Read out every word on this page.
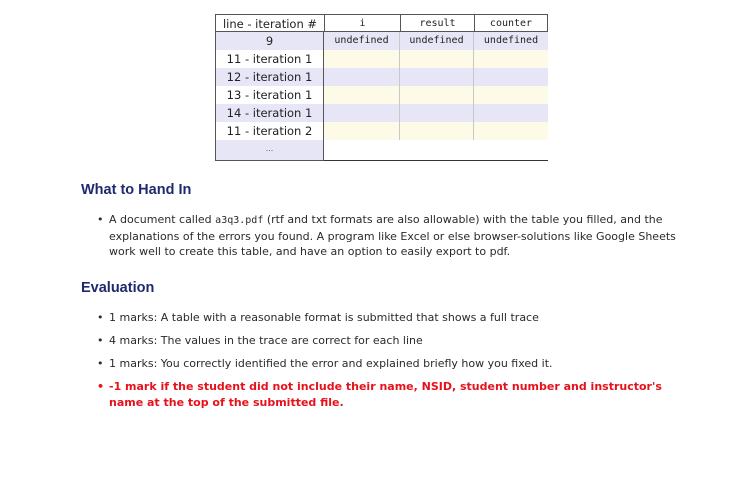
line - iteration #	i	result	counter
9	undefined	undefined	undefined
11 - iteration 1
12 - iteration 1
13 - iteration 1
14 - iteration 1
11 - iteration 2
...
What to Hand In
• A document called a3q3.pdf (rtf and txt formats are also allowable) with the table you filled, and the explanations of the errors you found. A program like Excel or else browser-solutions like Google Sheets work well to create this table, and have an option to easily export to pdf.
Evaluation
• 1 marks: A table with a reasonable format is submitted that shows a full trace
• 4 marks: The values in the trace are correct for each line
• 1 marks: You correctly identified the error and explained briefly how you fixed it.
• -1 mark if the student did not include their name, NSID, student number and instructor's name at the top of the submitted file.
